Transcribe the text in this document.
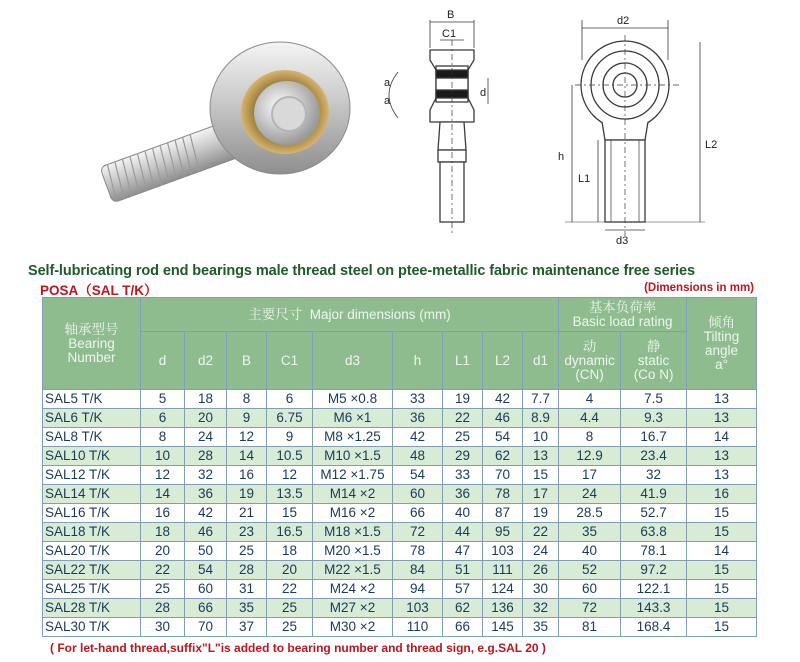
B
C1
d
a
a
d2
L2
h
L1
d3
Self-lubricating rod end bearings male thread steel on ptee-metallic fabric maintenance free series
POSA（SAL T/K）	(Dimensions in mm)
轴承型号
Bearing
Number	主要尺寸 Major dimensions (mm)									基本负荷率
Basic load rating		倾角
Tilting
angle
a°
	d	d2	B	C1	d3	h	L1	L2	d1	动
dynamic
(CN)	静
static
(Co N)	
SAL5 T/K	5	18	8	6	M5 ×0.8	33	19	42	7.7	4	7.5	13
SAL6 T/K	6	20	9	6.75	M6 ×1	36	22	46	8.9	4.4	9.3	13
SAL8 T/K	8	24	12	9	M8 ×1.25	42	25	54	10	8	16.7	14
SAL10 T/K	10	28	14	10.5	M10 ×1.5	48	29	62	13	12.9	23.4	13
SAL12 T/K	12	32	16	12	M12 ×1.75	54	33	70	15	17	32	13
SAL14 T/K	14	36	19	13.5	M14 ×2	60	36	78	17	24	41.9	16
SAL16 T/K	16	42	21	15	M16 ×2	66	40	87	19	28.5	52.7	15
SAL18 T/K	18	46	23	16.5	M18 ×1.5	72	44	95	22	35	63.8	15
SAL20 T/K	20	50	25	18	M20 ×1.5	78	47	103	24	40	78.1	14
SAL22 T/K	22	54	28	20	M22 ×1.5	84	51	111	26	52	97.2	15
SAL25 T/K	25	60	31	22	M24 ×2	94	57	124	30	60	122.1	15
SAL28 T/K	28	66	35	25	M27 ×2	103	62	136	32	72	143.3	15
SAL30 T/K	30	70	37	25	M30 ×2	110	66	145	35	81	168.4	15
( For let-hand thread,suffix"L"is added to bearing number and thread sign, e.g.SAL 20 )
